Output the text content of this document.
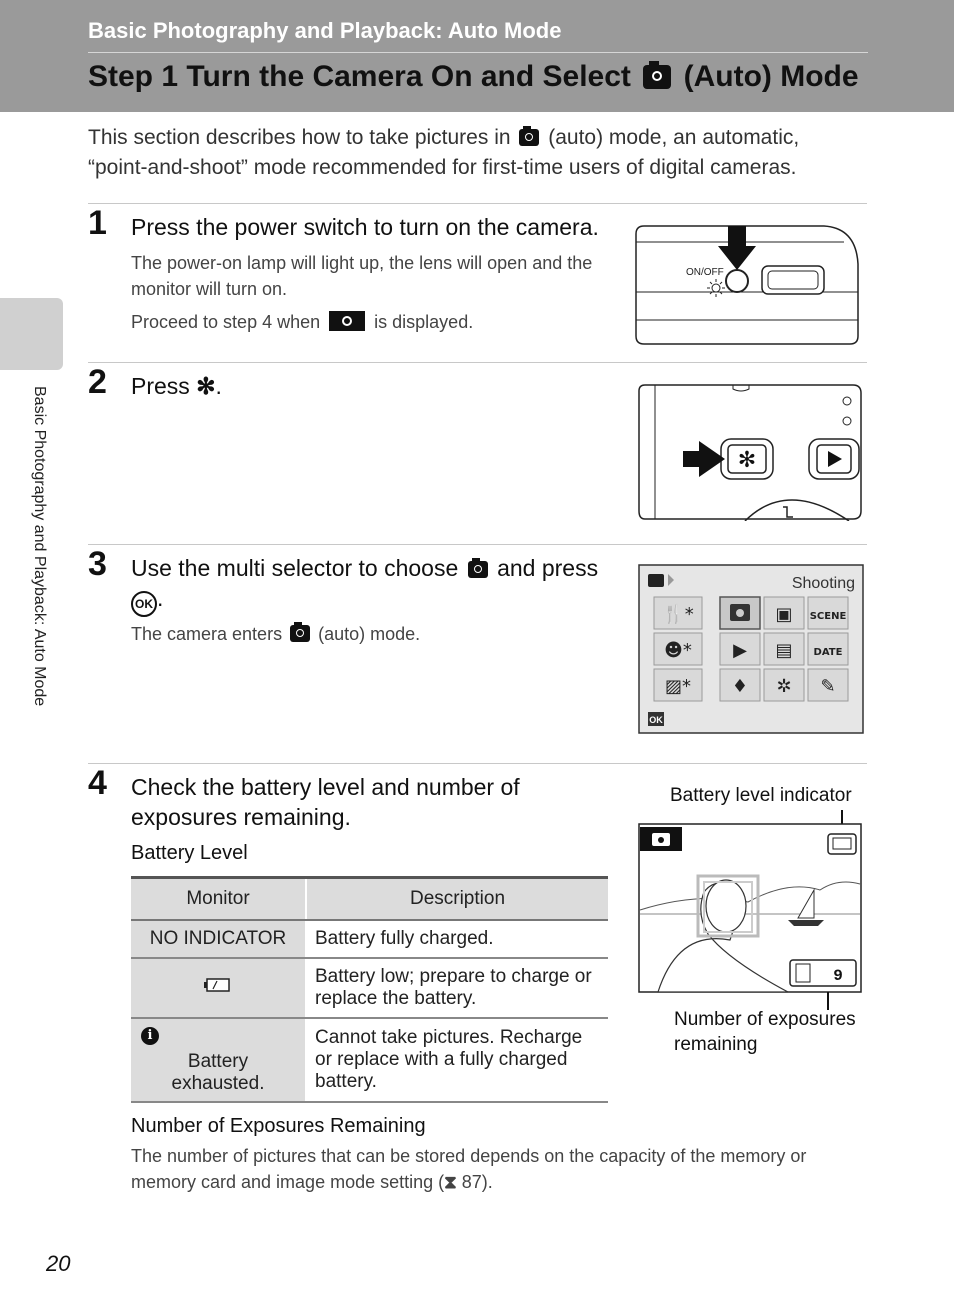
Basic Photography and Playback: Auto Mode
Step 1 Turn the Camera On and Select (Auto) Mode
This section describes how to take pictures in (auto) mode, an automatic, “point-and-shoot” mode recommended for first-time users of digital cameras.
Basic Photography and Playback: Auto Mode
1 Press the power switch to turn on the camera.
The power-on lamp will light up, the lens will open and the monitor will turn on.
Proceed to step 4 when	is displayed.
ON/OFF
2 Press ✻.
✻
3 Use the multi selector to choose and press
OK .
The camera enters (auto) mode.
Shooting
🍴*
☻*
▨*
▣ SCENE
▶ ▤ DATE
♦ ✲ ✎
OK
4 Check the battery level and number of exposures remaining.
Battery Level
Monitor	Description
NO INDICATOR	Battery fully charged.
	Battery low; prepare to charge or replace the battery.

i
Battery exhausted.	Cannot take pictures. Recharge or replace with a fully charged battery.
Number of Exposures Remaining
The number of pictures that can be stored depends on the capacity of the memory or memory card and image mode setting (⧗ 87).
Battery level indicator
9
Number of exposures remaining
20
